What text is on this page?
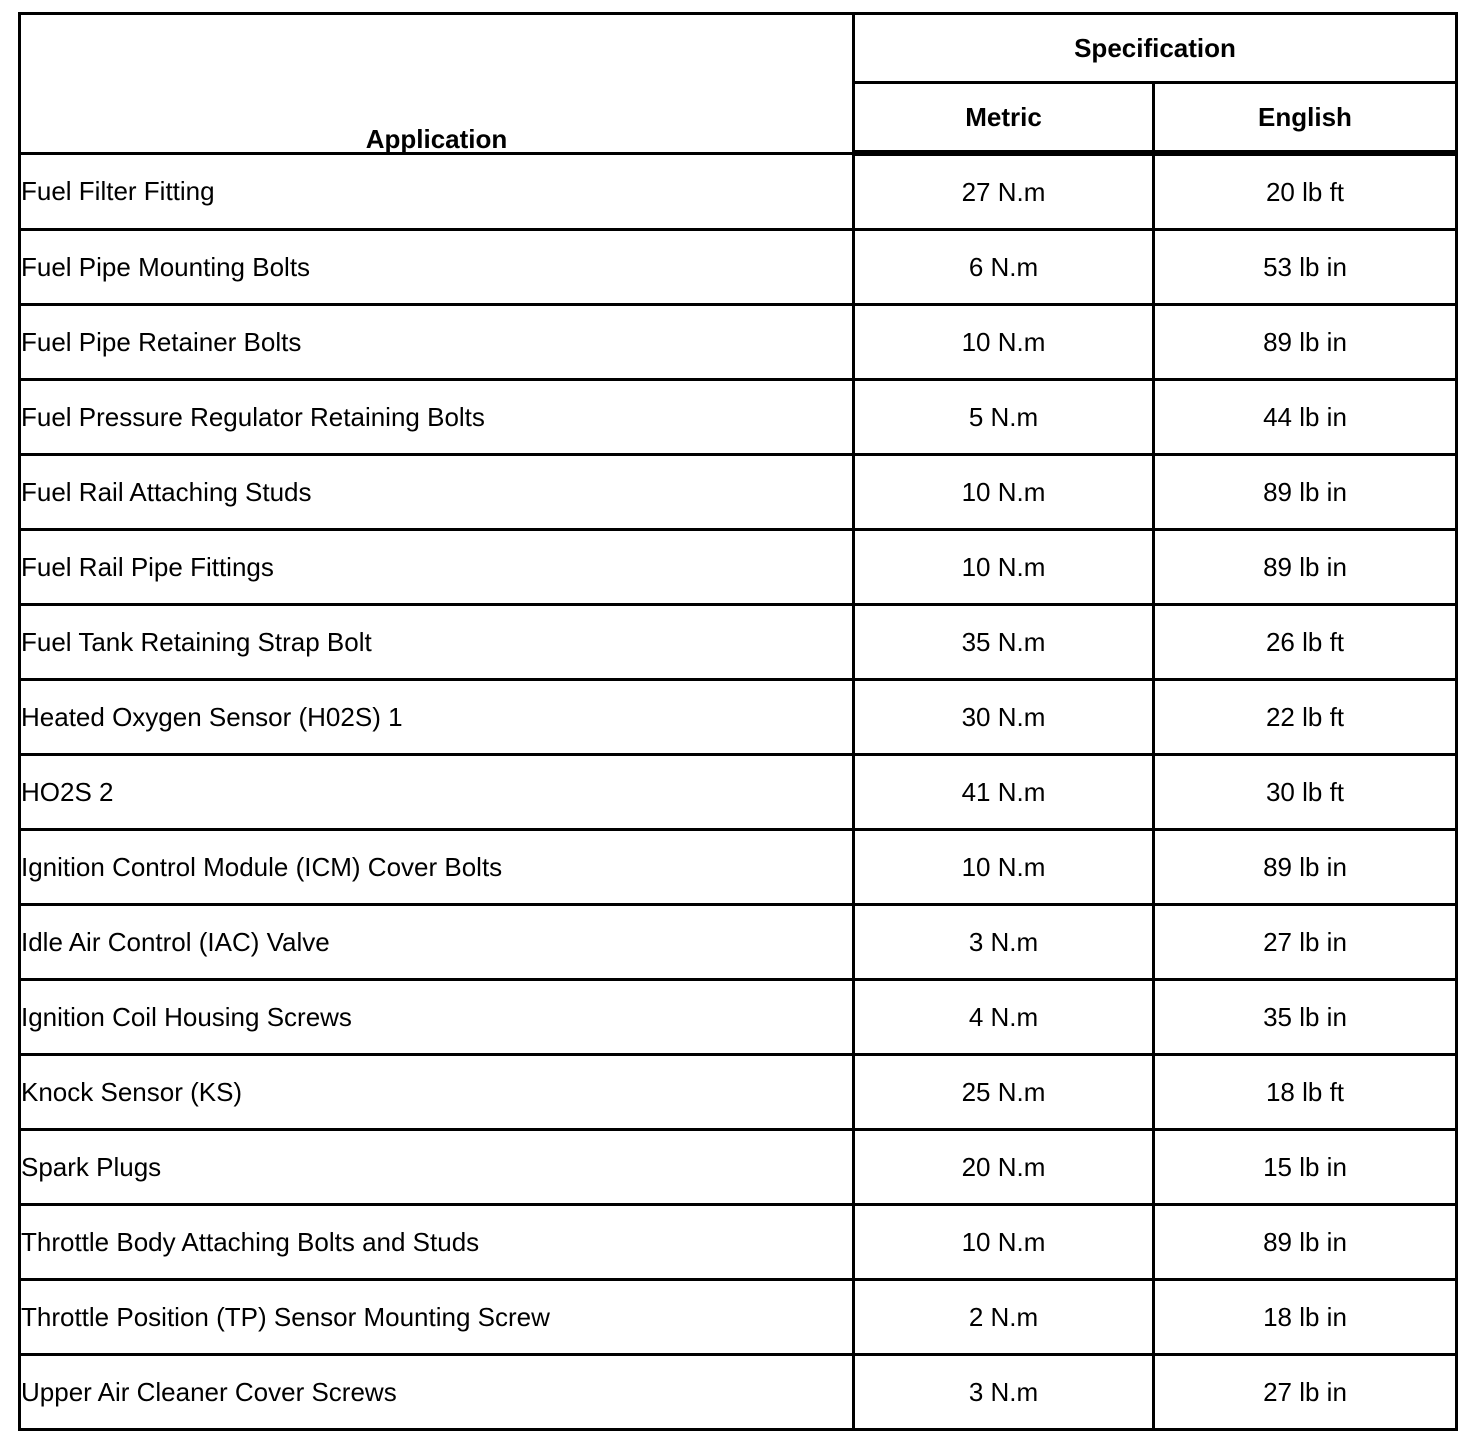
Application	Specification	
	Metric	English
Fuel Filter Fitting	27 N.m	20 lb ft
Fuel Pipe Mounting Bolts	6 N.m	53 lb in
Fuel Pipe Retainer Bolts	10 N.m	89 lb in
Fuel Pressure Regulator Retaining Bolts	5 N.m	44 lb in
Fuel Rail Attaching Studs	10 N.m	89 lb in
Fuel Rail Pipe Fittings	10 N.m	89 lb in
Fuel Tank Retaining Strap Bolt	35 N.m	26 lb ft
Heated Oxygen Sensor (H02S) 1	30 N.m	22 lb ft
HO2S 2	41 N.m	30 lb ft
Ignition Control Module (ICM) Cover Bolts	10 N.m	89 lb in
Idle Air Control (IAC) Valve	3 N.m	27 lb in
Ignition Coil Housing Screws	4 N.m	35 lb in
Knock Sensor (KS)	25 N.m	18 lb ft
Spark Plugs	20 N.m	15 lb in
Throttle Body Attaching Bolts and Studs	10 N.m	89 lb in
Throttle Position (TP) Sensor Mounting Screw	2 N.m	18 lb in
Upper Air Cleaner Cover Screws	3 N.m	27 lb in
